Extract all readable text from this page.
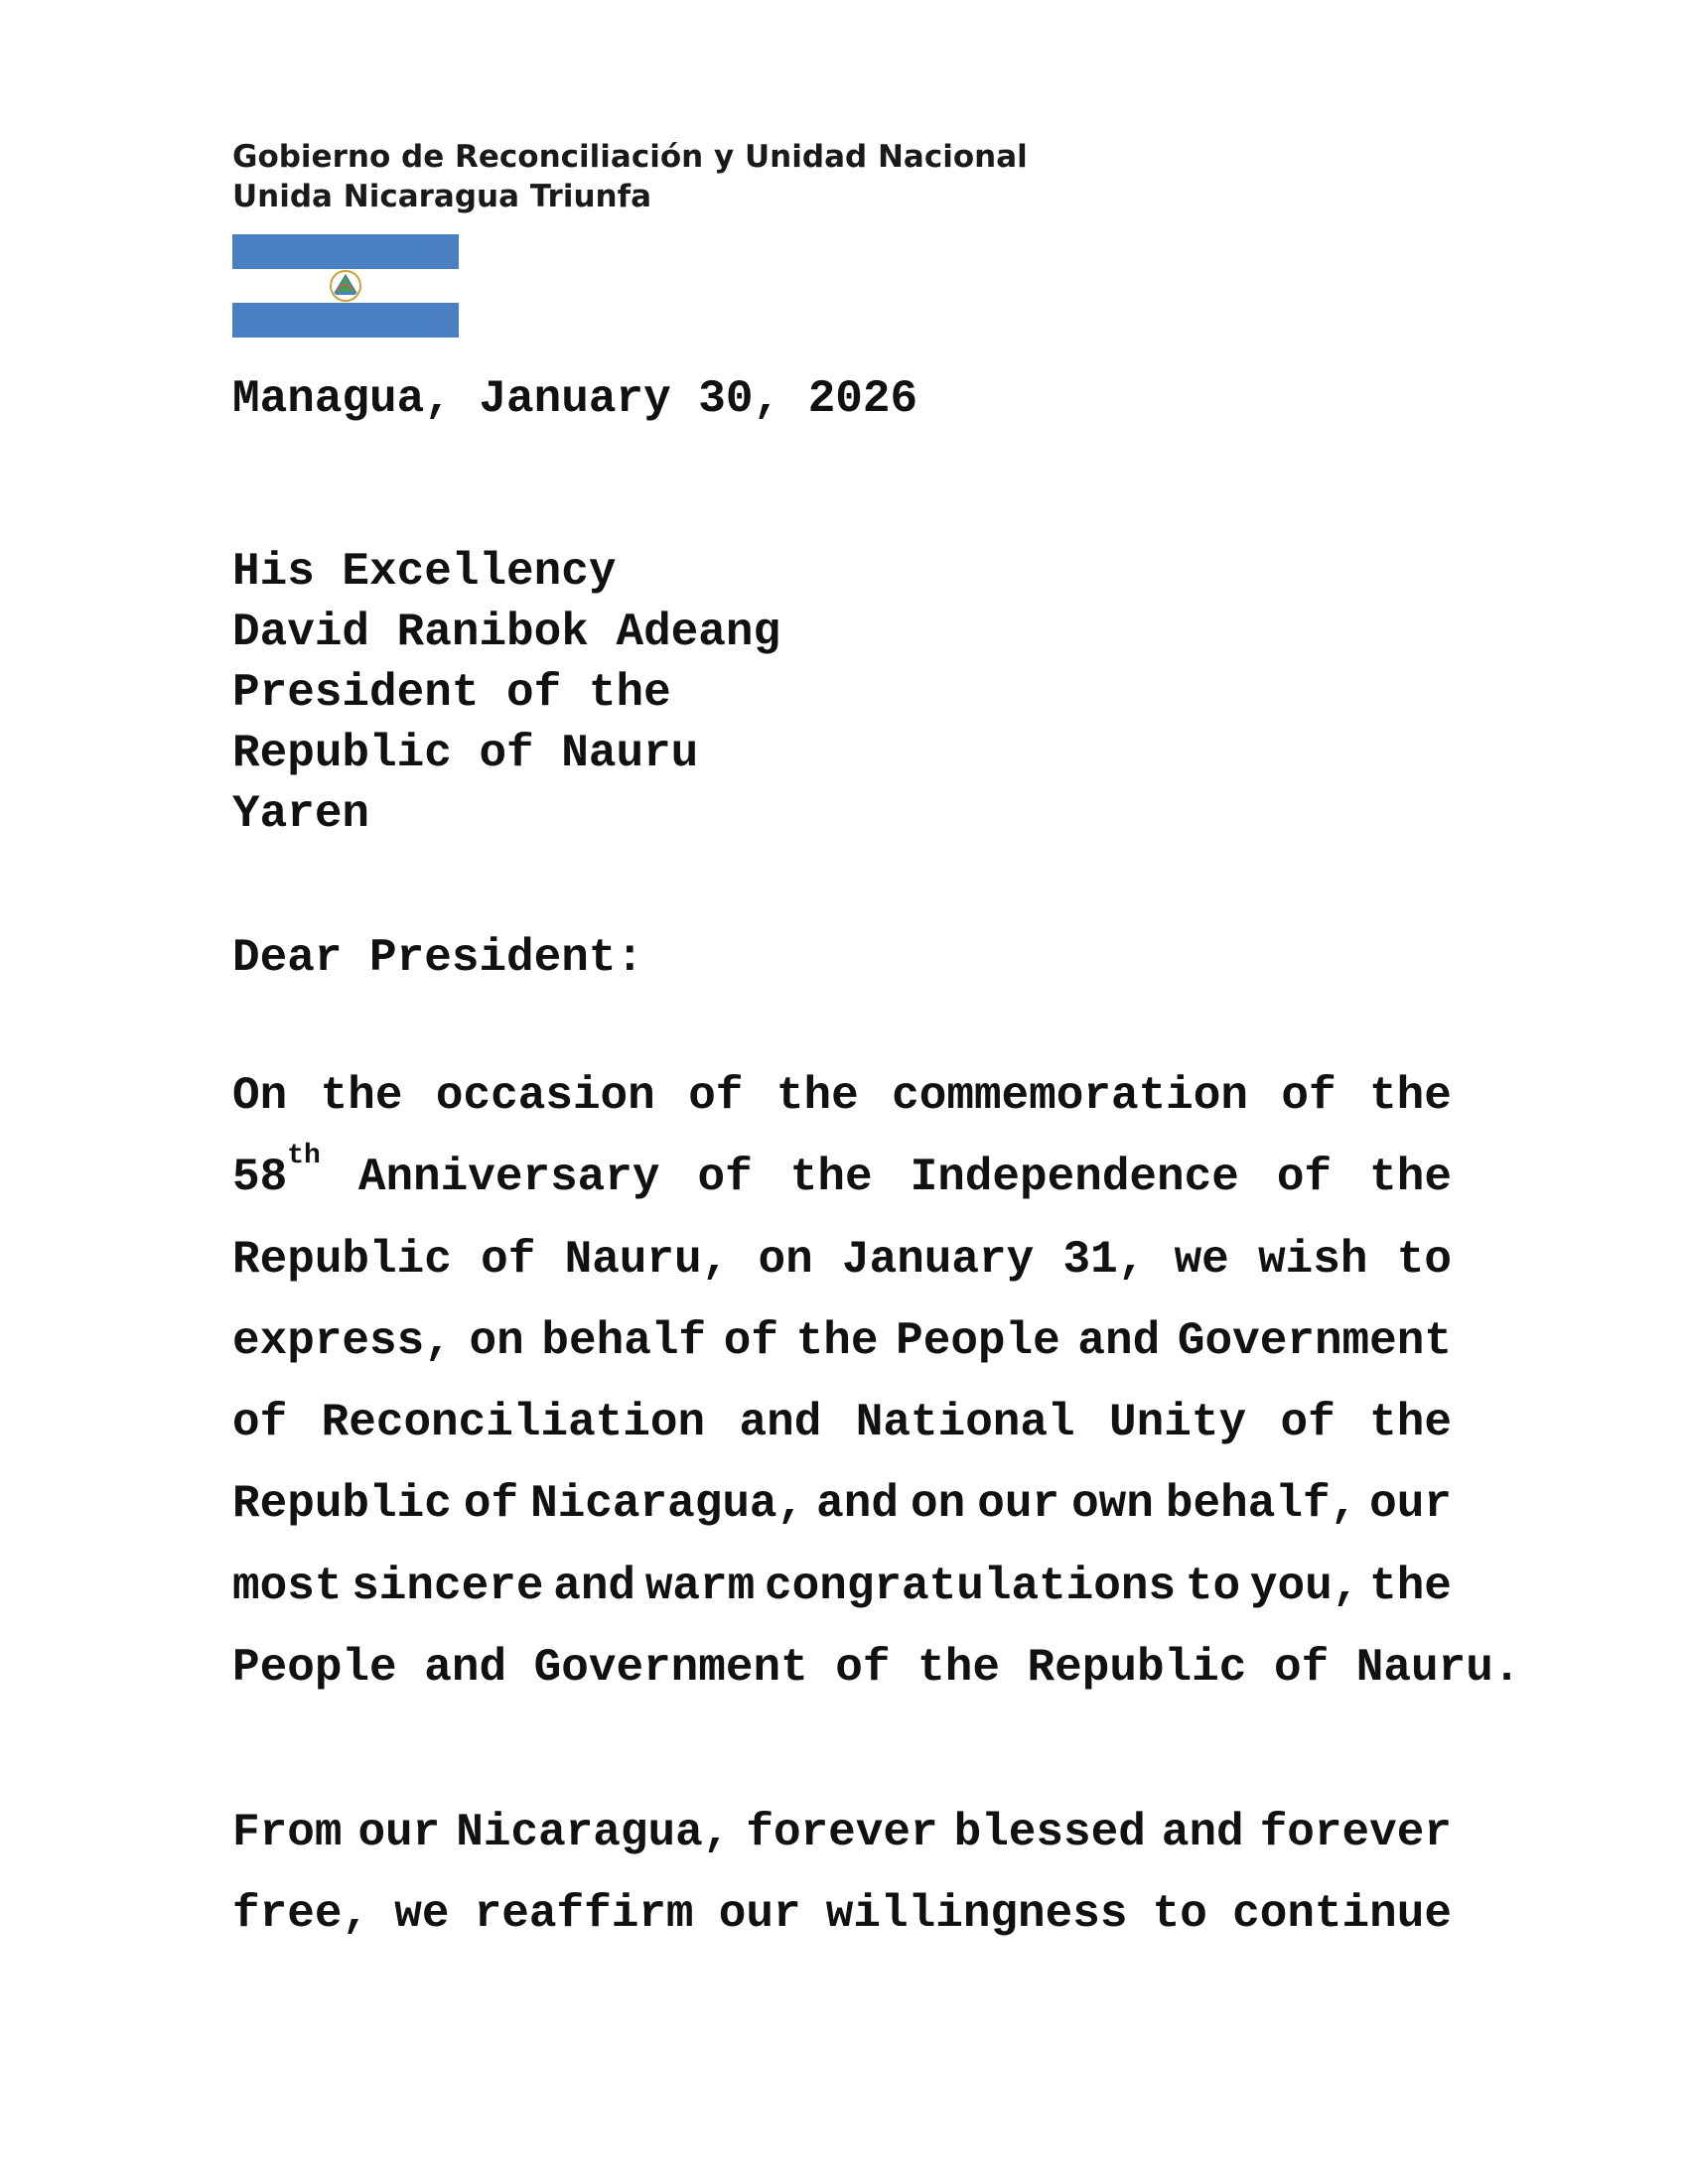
Gobierno de Reconciliación y Unidad Nacional
Unida Nicaragua Triunfa
Managua, January 30, 2026
His Excellency
David Ranibok Adeang
President of the
Republic of Nauru
Yaren
Dear President:
On the occasion of the commemoration of the
58th Anniversary of the Independence of the
Republic of Nauru, on January 31, we wish to
express, on behalf of the People and Government
of Reconciliation and National Unity of the
Republic of Nicaragua, and on our own behalf, our
most sincere and warm congratulations to you, the
People and Government of the Republic of Nauru.
From our Nicaragua, forever blessed and forever
free, we reaffirm our willingness to continue
